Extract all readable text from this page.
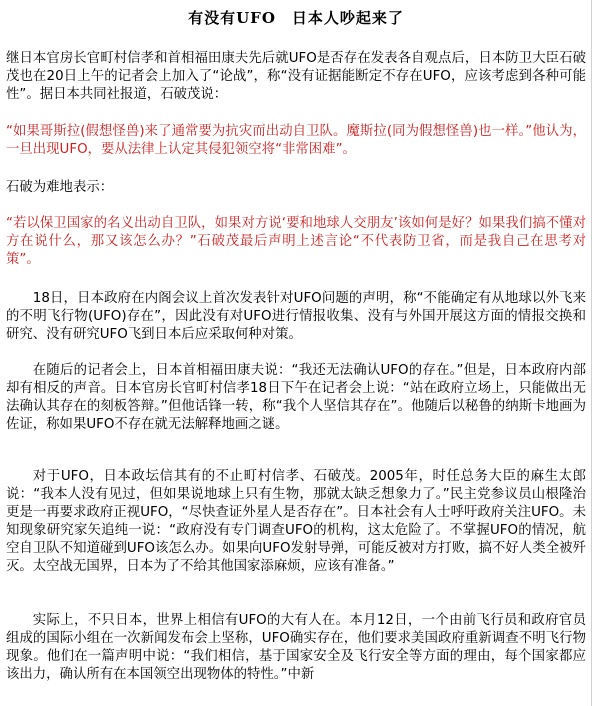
有没有UFO　日本人吵起来了

继日本官房长官町村信孝和首相福田康夫先后就UFO是否存在发表各自观点后，日本防卫大臣石破茂也在20日上午的记者会上加入了“论战”，称“没有证据能断定不存在UFO，应该考虑到各种可能性”。据日本共同社报道，石破茂说：

“如果哥斯拉(假想怪兽)来了通常要为抗灾而出动自卫队。魔斯拉(同为假想怪兽)也一样。”他认为，一旦出现UFO，要从法律上认定其侵犯领空将“非常困难”。

石破为难地表示：

“若以保卫国家的名义出动自卫队，如果对方说‘要和地球人交朋友’该如何是好？如果我们搞不懂对方在说什么，那又该怎么办？”石破茂最后声明上述言论“不代表防卫省，而是我自己在思考对策”。

18日，日本政府在内阁会议上首次发表针对UFO问题的声明，称“不能确定有从地球以外飞来的不明飞行物(UFO)存在”，因此没有对UFO进行情报收集、没有与外国开展这方面的情报交换和研究、没有研究UFO飞到日本后应采取何种对策。

在随后的记者会上，日本首相福田康夫说：“我还无法确认UFO的存在。”但是，日本政府内部却有相反的声音。日本官房长官町村信孝18日下午在记者会上说：“站在政府立场上，只能做出无法确认其存在的刻板答辩。”但他话锋一转，称“我个人坚信其存在”。他随后以秘鲁的纳斯卡地画为佐证，称如果UFO不存在就无法解释地画之谜。

对于UFO，日本政坛信其有的不止町村信孝、石破茂。2005年，时任总务大臣的麻生太郎说：“我本人没有见过，但如果说地球上只有生物，那就太缺乏想象力了。”民主党参议员山根隆治更是一再要求政府正视UFO，“尽快查证外星人是否存在”。日本社会有人士呼吁政府关注UFO。未知现象研究家矢追纯一说：“政府没有专门调查UFO的机构，这太危险了。不掌握UFO的情况，航空自卫队不知道碰到UFO该怎么办。如果向UFO发射导弹，可能反被对方打败，搞不好人类全被歼灭。太空战无国界，日本为了不给其他国家添麻烦，应该有准备。”

实际上，不只日本，世界上相信有UFO的大有人在。本月12日，一个由前飞行员和政府官员组成的国际小组在一次新闻发布会上坚称，UFO确实存在，他们要求美国政府重新调查不明飞行物现象。他们在一篇声明中说：“我们相信，基于国家安全及飞行安全等方面的理由，每个国家都应该出力，确认所有在本国领空出现物体的特性。”中新
